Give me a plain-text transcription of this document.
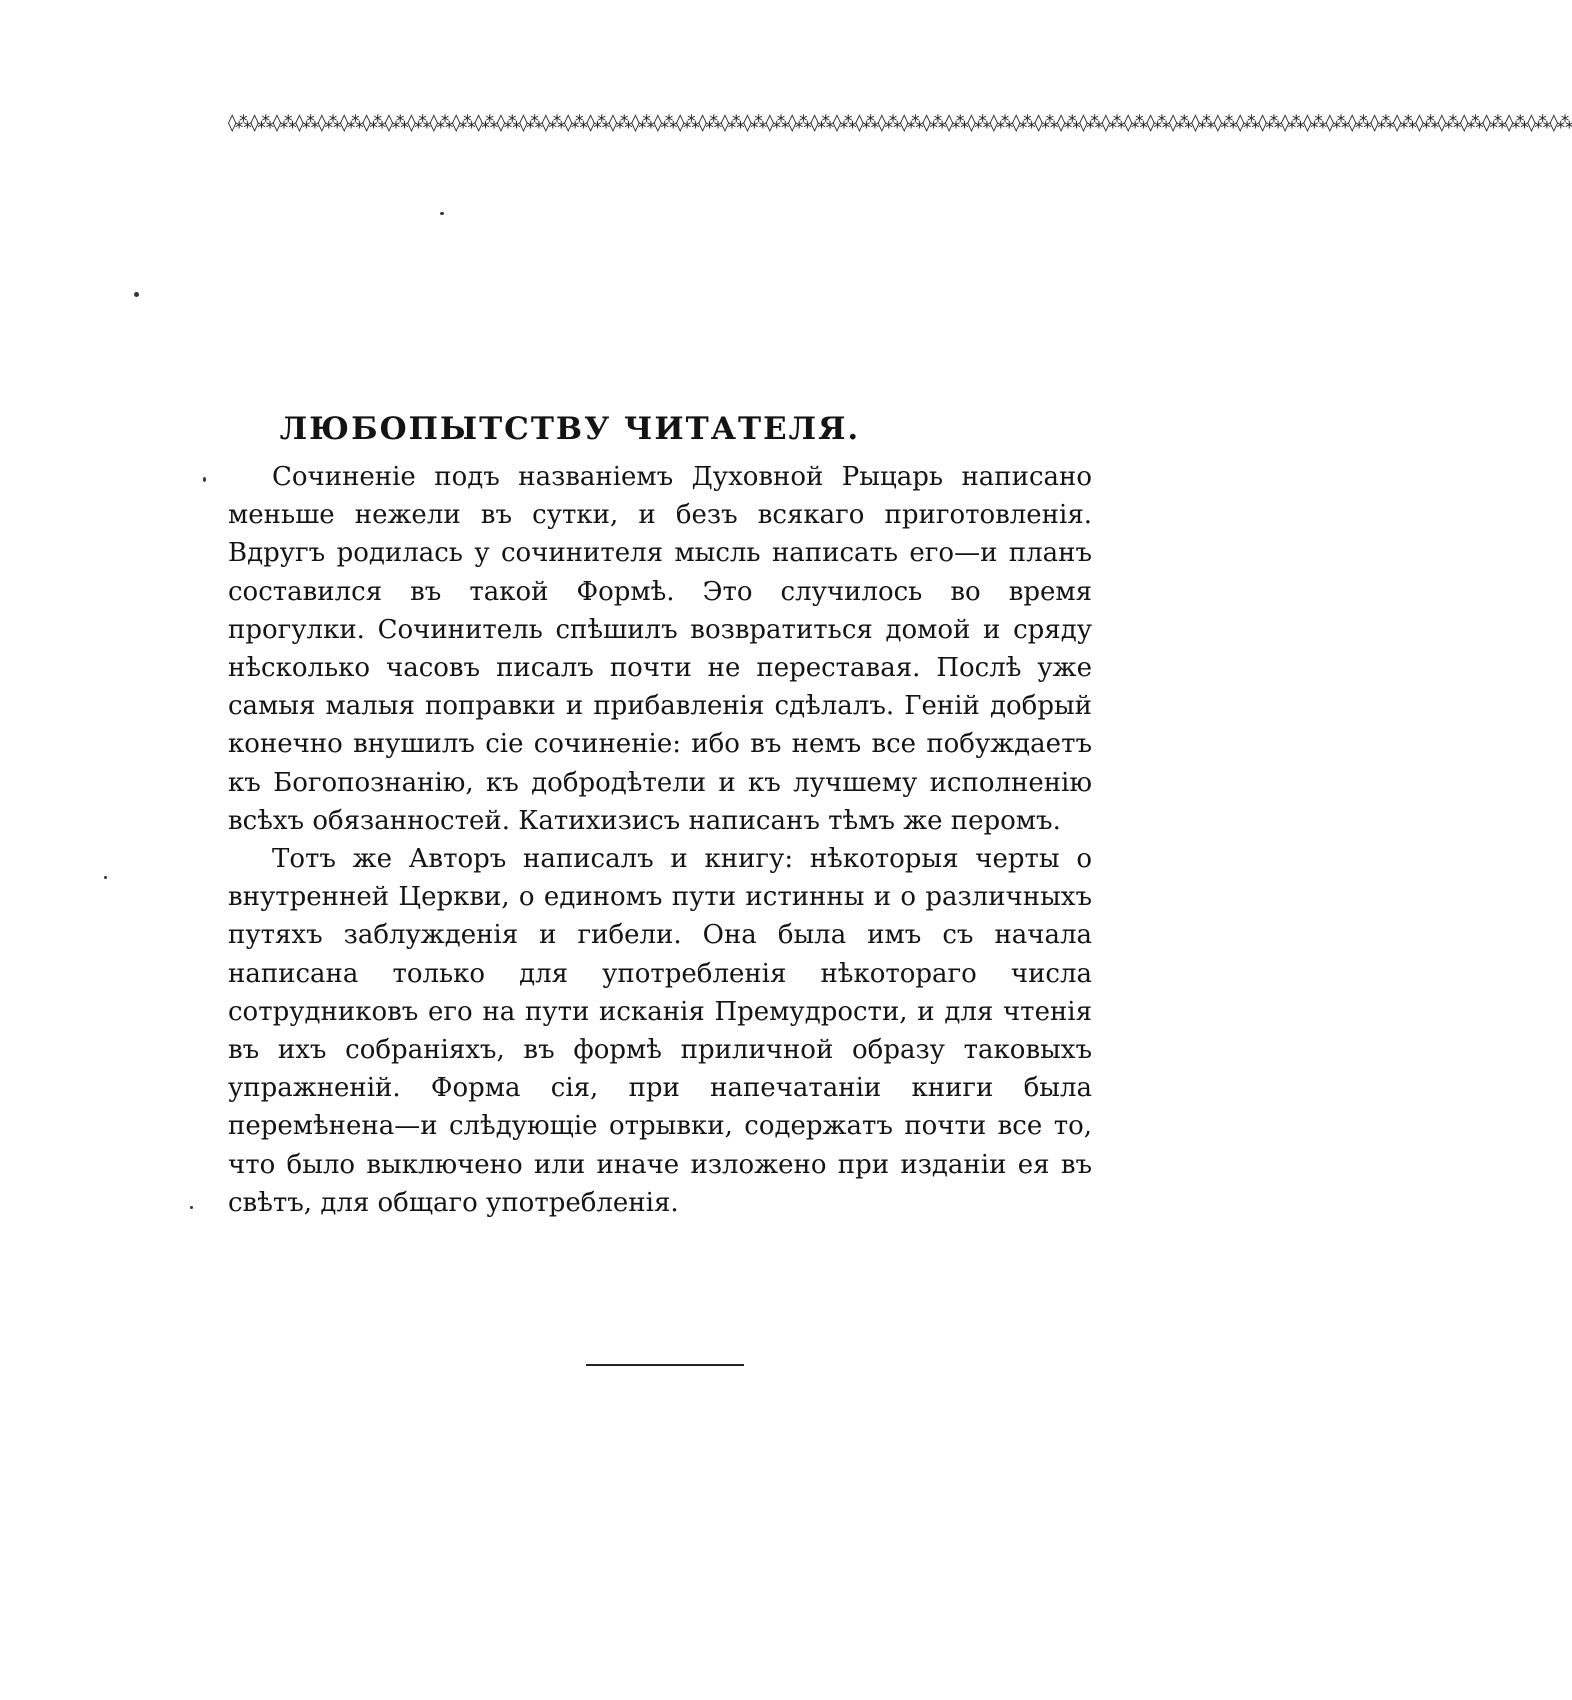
◊⁂◊⁂◊⁂◊⁂◊⁂◊⁂◊⁂◊⁂◊⁂◊⁂◊⁂◊⁂◊⁂◊⁂◊⁂◊⁂◊⁂◊⁂◊⁂◊⁂◊⁂◊⁂◊⁂◊⁂◊⁂◊⁂◊⁂◊⁂◊⁂◊⁂◊⁂◊⁂◊⁂◊⁂◊⁂◊⁂◊⁂◊⁂◊⁂◊⁂◊⁂◊⁂◊⁂◊⁂◊⁂◊⁂◊⁂◊⁂◊⁂◊⁂◊⁂◊⁂◊⁂◊⁂◊⁂◊⁂◊⁂◊⁂◊⁂◊⁂
ЛЮБОПЫТСТВУ ЧИТАТЕЛЯ.

Сочиненіе подъ названіемъ Духовной Рыцарь написано меньше нежели въ сутки, и безъ всякаго приготовленія. Вдругъ родилась у сочинителя мысль написать его—и планъ составился въ такой Формѣ. Это случилось во время прогулки. Сочинитель спѣшилъ возвратиться домой и сряду нѣсколько часовъ писалъ почти не переставая. Послѣ уже самыя малыя поправки и прибавленія сдѣлалъ. Геній добрый конечно внушилъ сіе сочиненіе: ибо въ немъ все побуждаетъ къ Богопознанію, къ добродѣтели и къ лучшему исполненію всѣхъ обязанностей. Катихизисъ написанъ тѣмъ же перомъ.

Тотъ же Авторъ написалъ и книгу: нѣкоторыя черты о внутренней Церкви, о единомъ пути истинны и о различныхъ путяхъ заблужденія и гибели. Она была имъ съ начала написана только для употребленія нѣкотораго числа сотрудниковъ его на пути исканія Премудрости, и для чтенія въ ихъ собраніяхъ, въ формѣ приличной образу таковыхъ упражненій. Форма сія, при напечатаніи книги была перемѣнена—и слѣдующіе отрывки, содержатъ почти все то, что было выключено или иначе изложено при изданіи ея въ свѣтъ, для общаго употребленія.
